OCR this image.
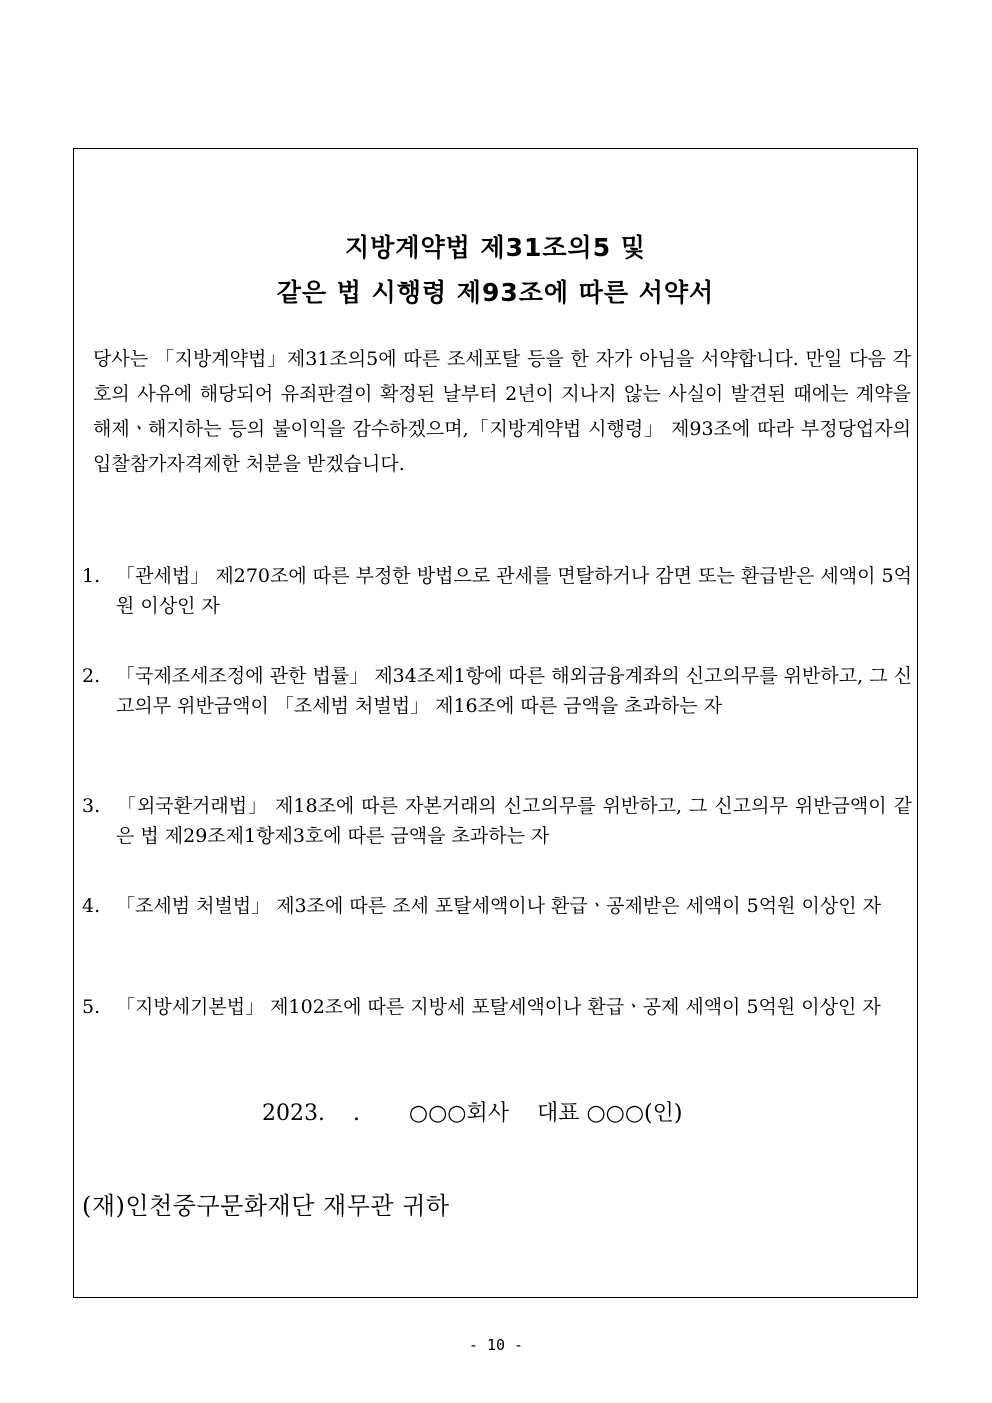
지방계약법 제31조의5 및
같은 법 시행령 제93조에 따른 서약서
당사는 「지방계약법」제31조의5에 따른 조세포탈 등을 한 자가 아님을 서약합니다. 만일 다음 각호의 사유에 해당되어 유죄판결이 확정된 날부터 2년이 지나지 않는 사실이 발견된 때에는 계약을 해제ㆍ해지하는 등의 불이익을 감수하겠으며,「지방계약법 시행령」 제93조에 따라 부정당업자의 입찰참가자격제한 처분을 받겠습니다.
1. 「관세법」 제270조에 따른 부정한 방법으로 관세를 면탈하거나 감면 또는 환급받은 세액이 5억원 이상인 자
2. 「국제조세조정에 관한 법률」 제34조제1항에 따른 해외금융계좌의 신고의무를 위반하고, 그 신고의무 위반금액이 「조세범 처벌법」 제16조에 따른 금액을 초과하는 자
3. 「외국환거래법」 제18조에 따른 자본거래의 신고의무를 위반하고, 그 신고의무 위반금액이 같은 법 제29조제1항제3호에 따른 금액을 초과하는 자
4. 「조세범 처벌법」 제3조에 따른 조세 포탈세액이나 환급ㆍ공제받은 세액이 5억원 이상인 자
5. 「지방세기본법」 제102조에 따른 지방세 포탈세액이나 환급ㆍ공제 세액이 5억원 이상인 자
2023.    .       ○○○회사    대표 ○○○(인)
(재)인천중구문화재단 재무관 귀하
- 10 -
